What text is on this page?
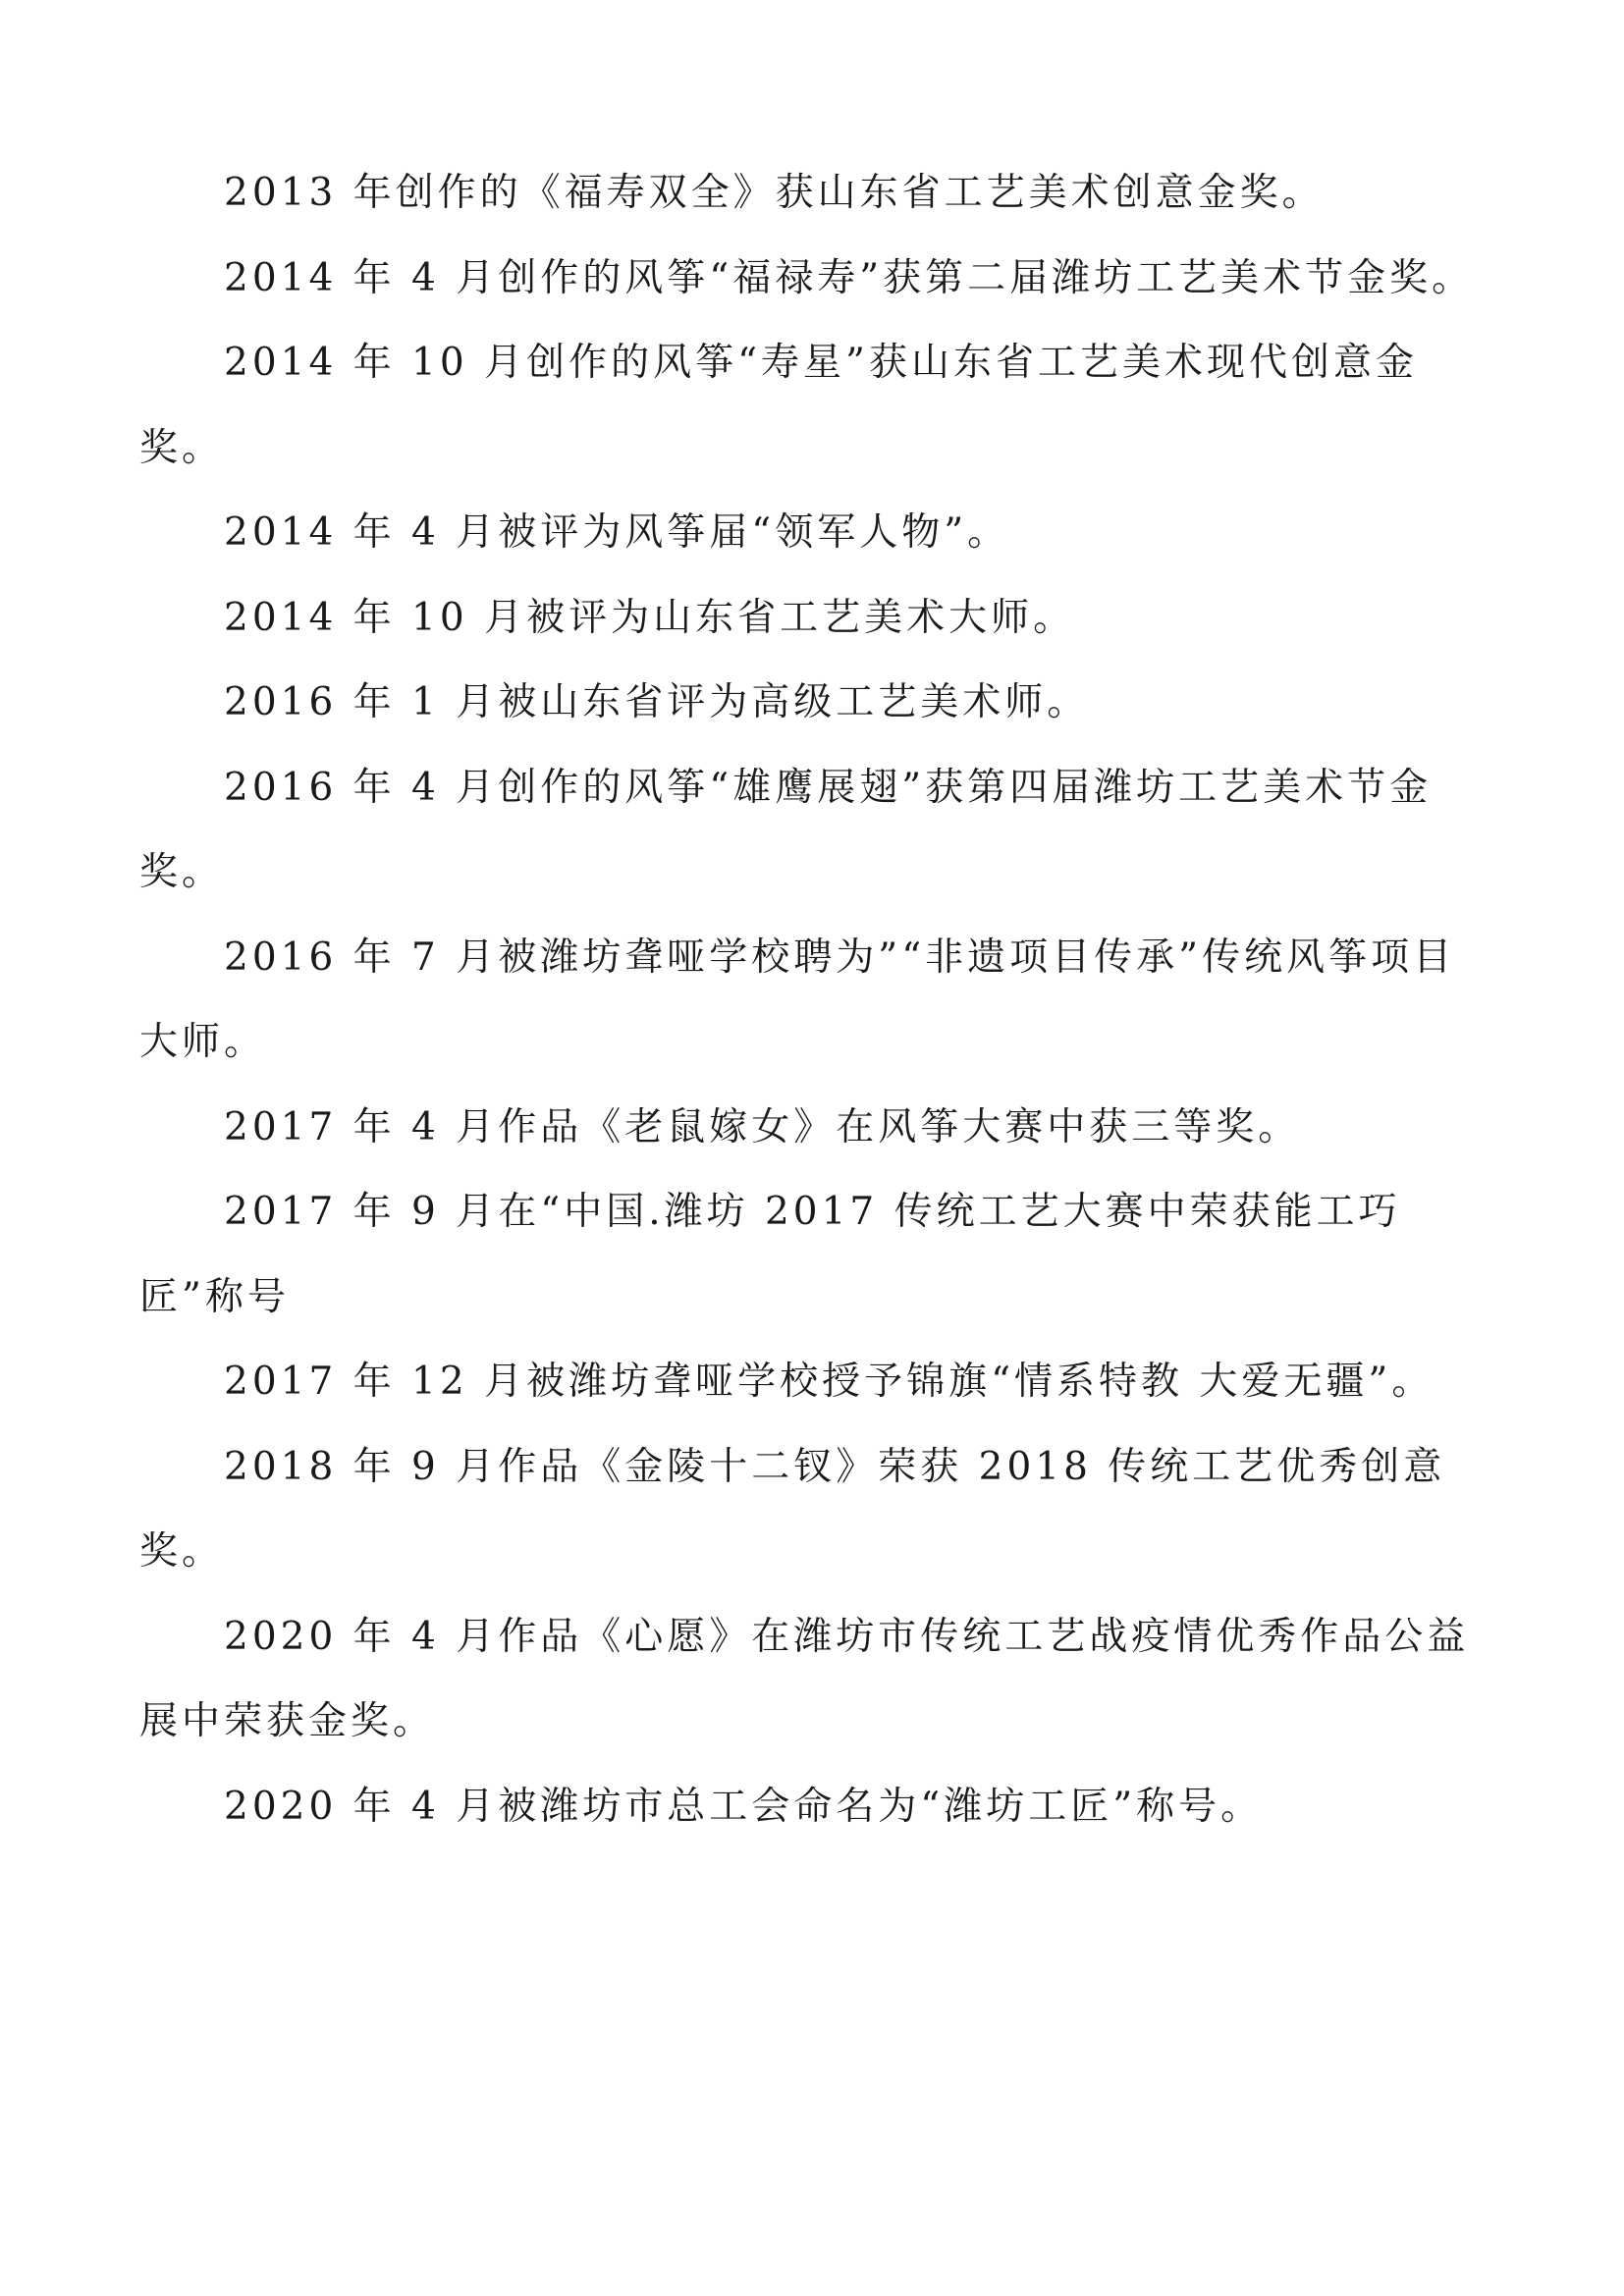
2013 年创作的《福寿双全》获山东省工艺美术创意金奖。

2014 年 4 月创作的风筝“福禄寿”获第二届潍坊工艺美术节金奖。

2014 年 10 月创作的风筝“寿星”获山东省工艺美术现代创意金奖。

2014 年 4 月被评为风筝届“领军人物”。

2014 年 10 月被评为山东省工艺美术大师。

2016 年 1 月被山东省评为高级工艺美术师。

2016 年 4 月创作的风筝“雄鹰展翅”获第四届潍坊工艺美术节金奖。

2016 年 7 月被潍坊聋哑学校聘为”“非遗项目传承”传统风筝项目大师。

2017 年 4 月作品《老鼠嫁女》在风筝大赛中获三等奖。

2017 年 9 月在“中国.潍坊 2017 传统工艺大赛中荣获能工巧匠”称号

2017 年 12 月被潍坊聋哑学校授予锦旗“情系特教 大爱无疆”。

2018 年 9 月作品《金陵十二钗》荣获 2018 传统工艺优秀创意奖。

2020 年 4 月作品《心愿》在潍坊市传统工艺战疫情优秀作品公益展中荣获金奖。

2020 年 4 月被潍坊市总工会命名为“潍坊工匠”称号。
